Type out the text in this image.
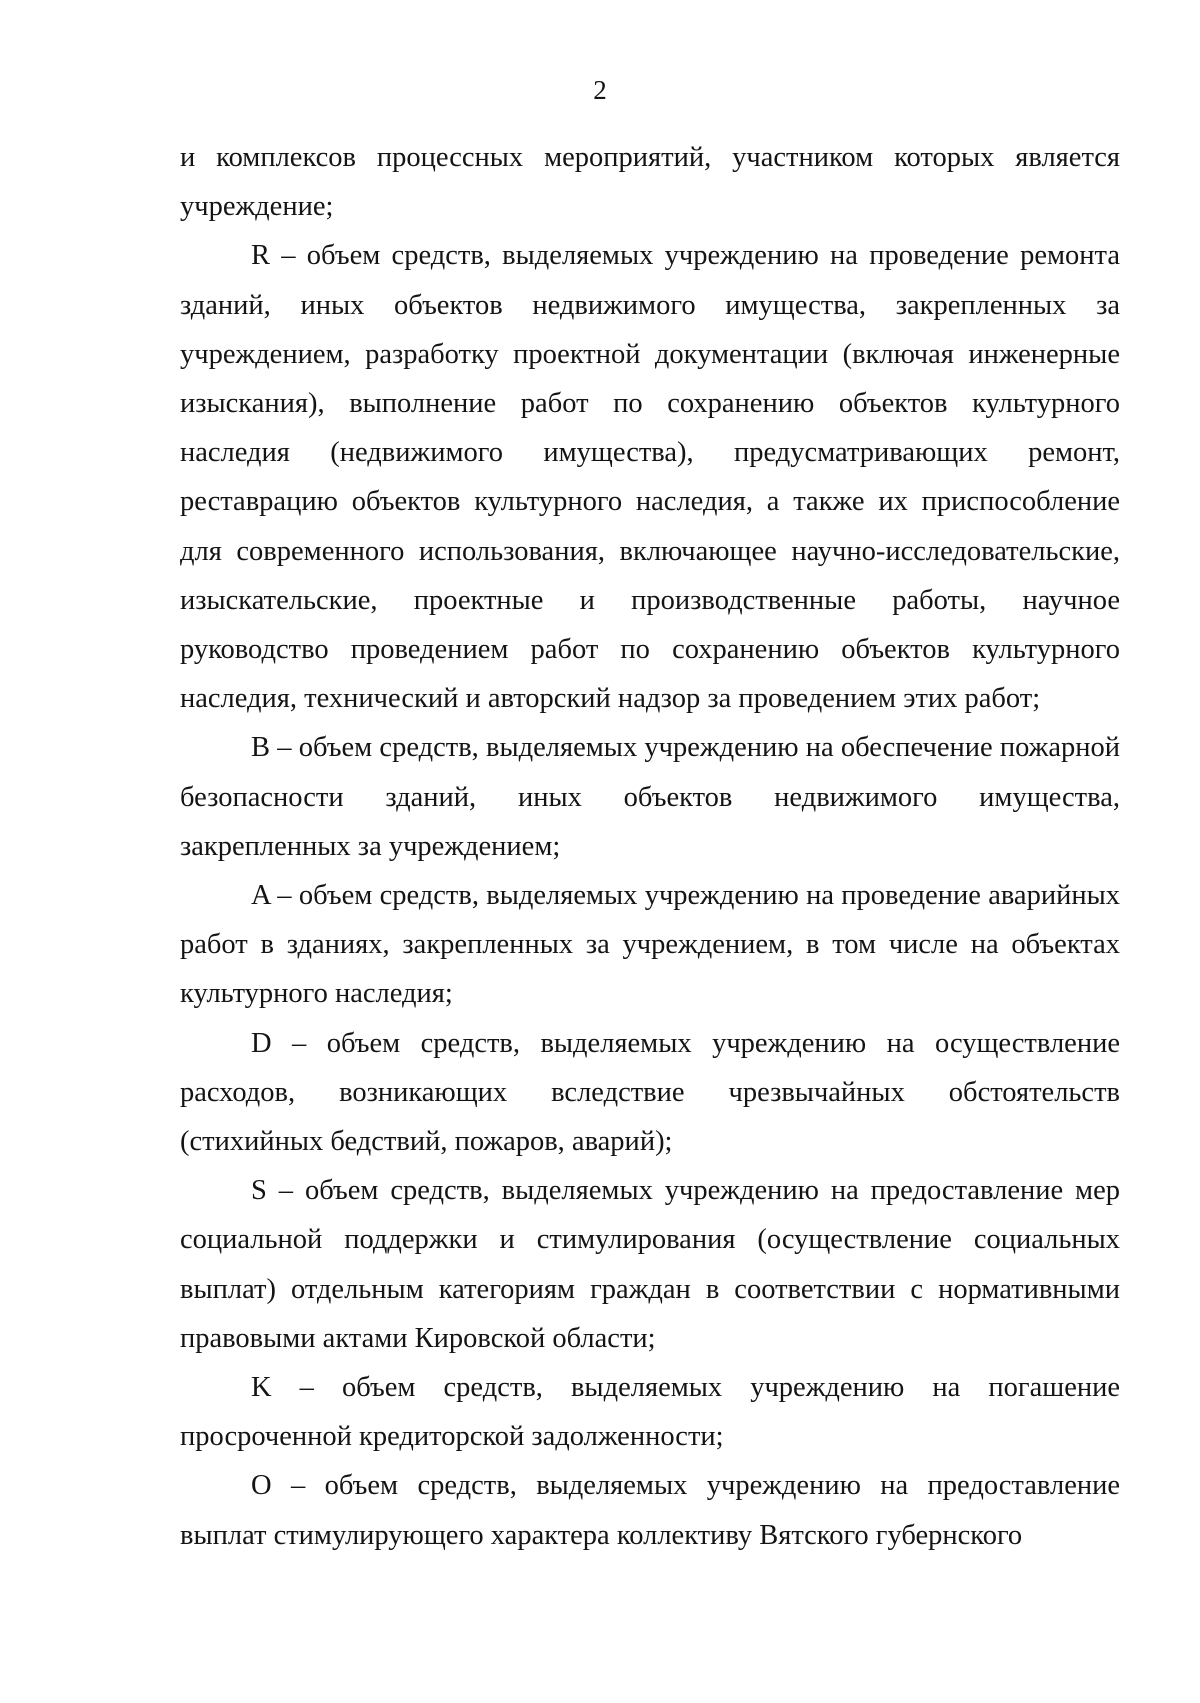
2

и комплексов процессных мероприятий, участником которых является учреждение;

R – объем средств, выделяемых учреждению на проведение ремонта зданий, иных объектов недвижимого имущества, закрепленных за учреждением, разработку проектной документации (включая инженерные изыскания), выполнение работ по сохранению объектов культурного наследия (недвижимого имущества), предусматривающих ремонт, реставрацию объектов культурного наследия, а также их приспособление для современного использования, включающее научно-исследовательские, изыскательские, проектные и производственные работы, научное руководство проведением работ по сохранению объектов культурного наследия, технический и авторский надзор за проведением этих работ;

B – объем средств, выделяемых учреждению на обеспечение пожарной безопасности зданий, иных объектов недвижимого имущества, закрепленных за учреждением;

A – объем средств, выделяемых учреждению на проведение аварийных работ в зданиях, закрепленных за учреждением, в том числе на объектах культурного наследия;

D – объем средств, выделяемых учреждению на осуществление расходов, возникающих вследствие чрезвычайных обстоятельств (стихийных бедствий, пожаров, аварий);

S – объем средств, выделяемых учреждению на предоставление мер социальной поддержки и стимулирования (осуществление социальных выплат) отдельным категориям граждан в соответствии с нормативными правовыми актами Кировской области;

K – объем средств, выделяемых учреждению на погашение просроченной кредиторской задолженности;

O – объем средств, выделяемых учреждению на предоставление выплат стимулирующего характера коллективу Вятского губернского
